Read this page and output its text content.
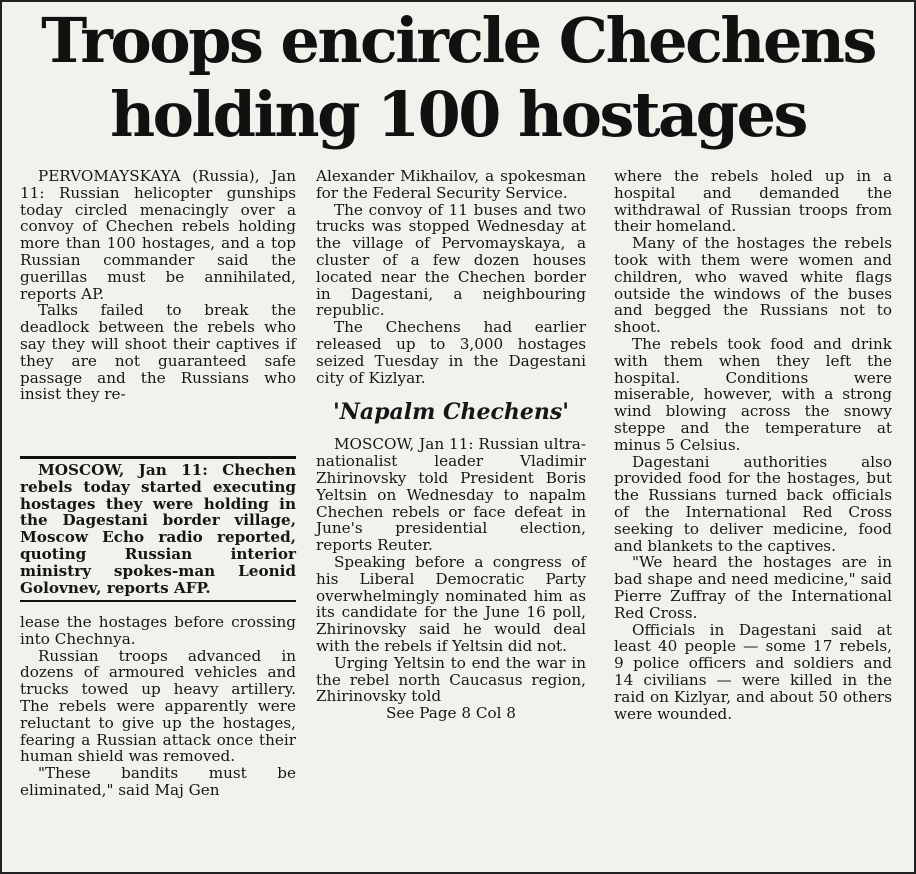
Troops encircle Chechens
holding 100 hostages

PERVOMAYSKAYA (Russia), Jan 11: Russian helicopter gunships today circled menacingly over a convoy of Chechen rebels holding more than 100 hostages, and a top Russian commander said the guerillas must be annihilated, reports AP.

Talks failed to break the deadlock between the rebels who say they will shoot their captives if they are not guaranteed safe passage and the Russians who insist they re-

MOSCOW, Jan 11: Chechen rebels today started executing hostages they were holding in the Dagestani border village, Moscow Echo radio reported, quoting Russian interior ministry spokes-man Leonid Golovnev, reports AFP.

lease the hostages before crossing into Chechnya.

Russian troops advanced in dozens of armoured vehicles and trucks towed up heavy artillery. The rebels were apparently were reluctant to give up the hostages, fearing a Russian attack once their human shield was removed.

"These bandits must be eliminated," said Maj Gen

Alexander Mikhailov, a spokesman for the Federal Security Service.

The convoy of 11 buses and two trucks was stopped Wednesday at the village of Pervomayskaya, a cluster of a few dozen houses located near the Chechen border in Dagestani, a neighbouring republic.

The Chechens had earlier released up to 3,000 hostages seized Tuesday in the Dagestani city of Kizlyar.

'Napalm Chechens'

MOSCOW, Jan 11: Russian ultra-nationalist leader Vladimir Zhirinovsky told President Boris Yeltsin on Wednesday to napalm Chechen rebels or face defeat in June's presidential election, reports Reuter.

Speaking before a congress of his Liberal Democratic Party overwhelmingly nominated him as its candidate for the June 16 poll, Zhirinovsky said he would deal with the rebels if Yeltsin did not.

Urging Yeltsin to end the war in the rebel north Caucasus region, Zhirinovsky told

See Page 8 Col 8

where the rebels holed up in a hospital and demanded the withdrawal of Russian troops from their homeland.

Many of the hostages the rebels took with them were women and children, who waved white flags outside the windows of the buses and begged the Russians not to shoot.

The rebels took food and drink with them when they left the hospital. Conditions were miserable, however, with a strong wind blowing across the snowy steppe and the temperature at minus 5 Celsius.

Dagestani authorities also provided food for the hostages, but the Russians turned back officials of the International Red Cross seeking to deliver medicine, food and blankets to the captives.

"We heard the hostages are in bad shape and need medicine," said Pierre Zuffray of the International Red Cross.

Officials in Dagestani said at least 40 people — some 17 rebels, 9 police officers and soldiers and 14 civilians — were killed in the raid on Kizlyar, and about 50 others were wounded.
